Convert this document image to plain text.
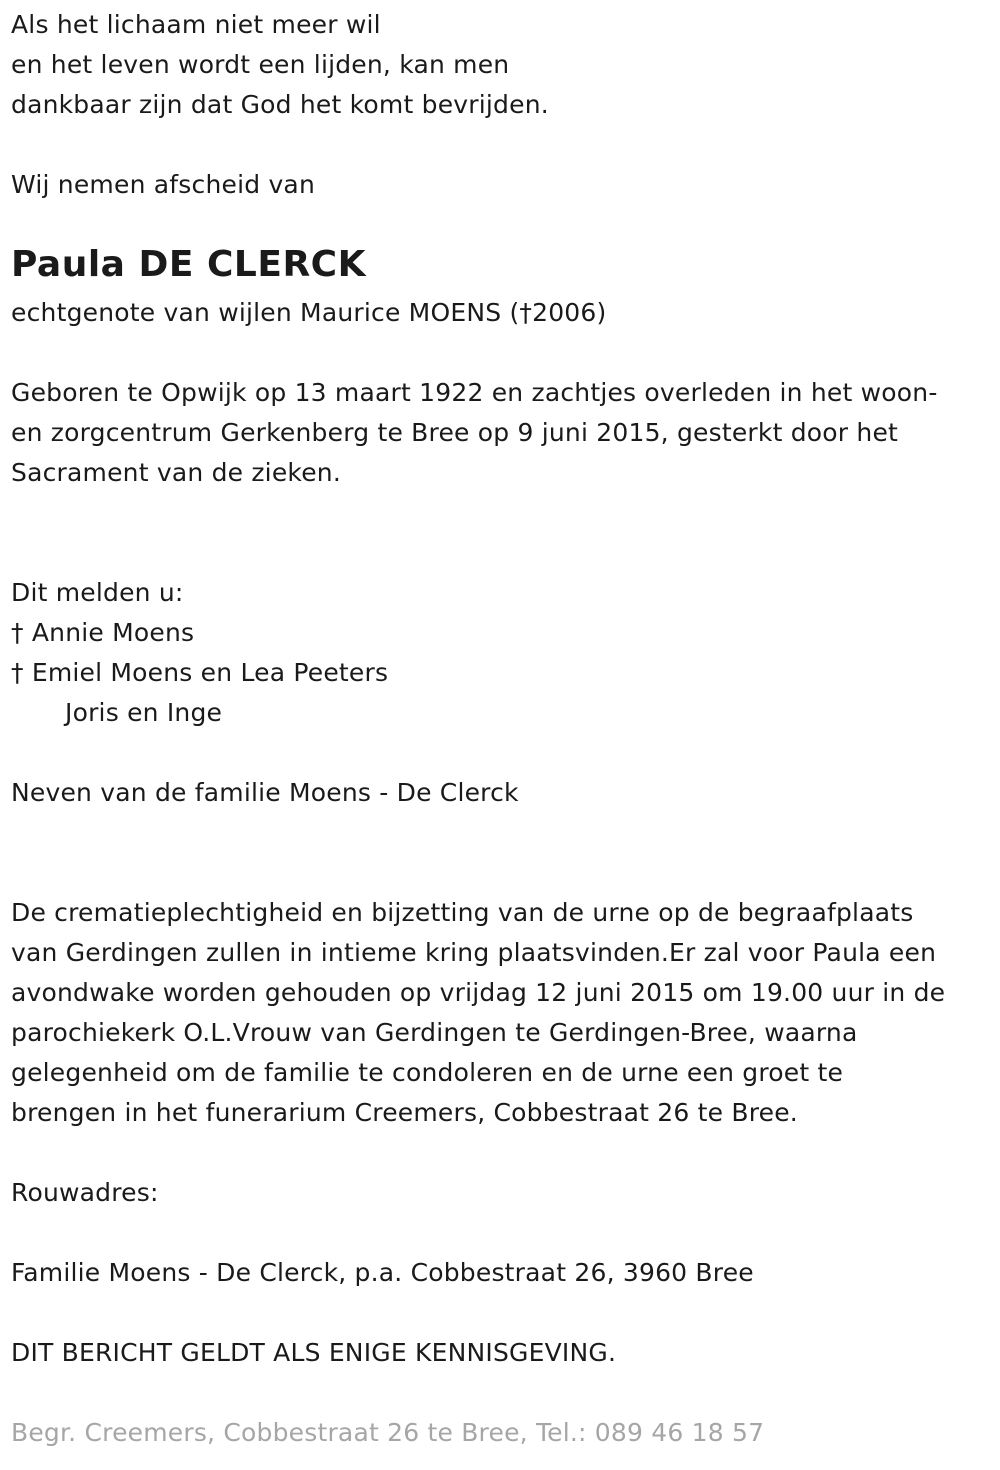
Als het lichaam niet meer wil
en het leven wordt een lijden, kan men
dankbaar zijn dat God het komt bevrijden.
Wij nemen afscheid van
Paula DE CLERCK
echtgenote van wijlen Maurice MOENS (†2006)
Geboren te Opwijk op 13 maart 1922 en zachtjes overleden in het woon-
en zorgcentrum Gerkenberg te Bree op 9 juni 2015, gesterkt door het
Sacrament van de zieken.
Dit melden u:
† Annie Moens
† Emiel Moens en Lea Peeters
Joris en Inge
Neven van de familie Moens - De Clerck
De crematieplechtigheid en bijzetting van de urne op de begraafplaats
van Gerdingen zullen in intieme kring plaatsvinden.Er zal voor Paula een
avondwake worden gehouden op vrijdag 12 juni 2015 om 19.00 uur in de
parochiekerk O.L.Vrouw van Gerdingen te Gerdingen-Bree, waarna
gelegenheid om de familie te condoleren en de urne een groet te
brengen in het funerarium Creemers, Cobbestraat 26 te Bree.
Rouwadres:
Familie Moens - De Clerck, p.a. Cobbestraat 26, 3960 Bree
DIT BERICHT GELDT ALS ENIGE KENNISGEVING.
Begr. Creemers, Cobbestraat 26 te Bree, Tel.: 089 46 18 57
